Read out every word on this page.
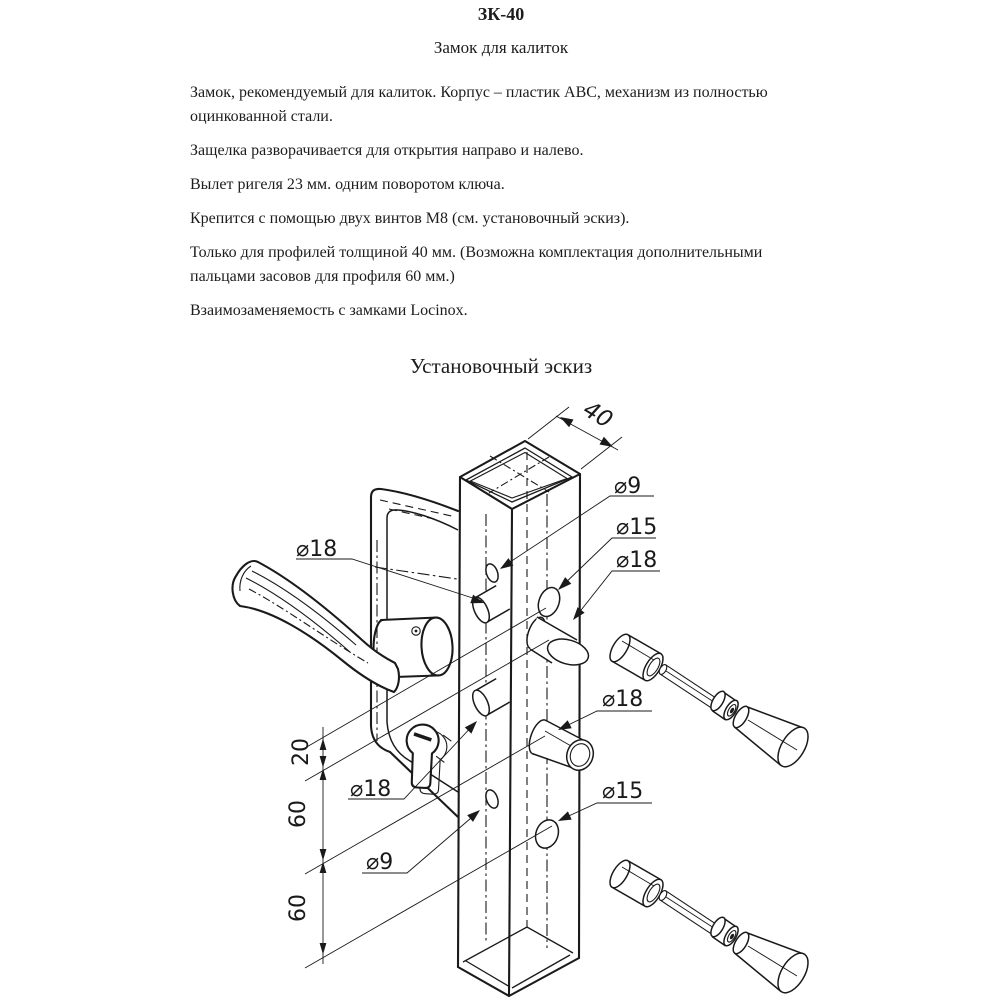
ЗК-40
Замок для калиток

Замок, рекомендуемый для калиток. Корпус – пластик АВС, механизм из полностью оцинкованной стали.

Защелка разворачивается для открытия направо и налево.

Вылет ригеля 23 мм. одним поворотом ключа.

Крепится с помощью двух винтов М8 (см. установочный эскиз).

Только для профилей толщиной 40 мм. (Возможна комплектация дополнительными пальцами засовов для профиля 60 мм.)

Взаимозаменяемость с замками Locinox.

Установочный эскиз
40
20
60
60
⌀18
⌀9
⌀15
⌀18
⌀18
⌀18
⌀9
⌀15
